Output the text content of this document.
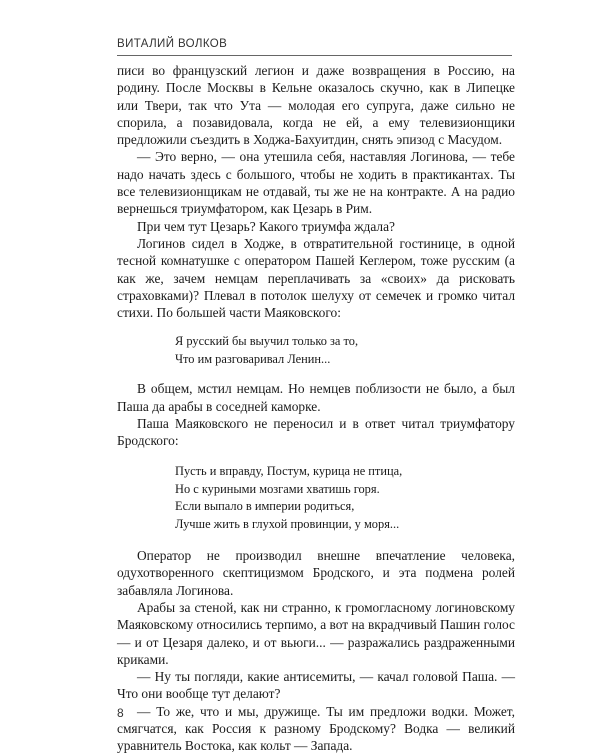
ВИТАЛИЙ ВОЛКОВ

писи во французский легион и даже возвращения в Россию, на родину. После Москвы в Кельне оказалось скучно, как в Липецке или Твери, так что Ута — молодая его супруга, даже сильно не спорила, а позавидовала, когда не ей, а ему телевизионщики предложили съездить в Ходжа-Бахуитдин, снять эпизод с Масудом.

— Это верно, — она утешила себя, наставляя Логинова, — тебе надо начать здесь с большого, чтобы не ходить в практикантах. Ты все телевизионщикам не отдавай, ты же не на контракте. А на радио вернешься триумфатором, как Цезарь в Рим.

При чем тут Цезарь? Какого триумфа ждала?

Логинов сидел в Ходже, в отвратительной гостинице, в одной тесной комнатушке с оператором Пашей Кеглером, тоже русским (а как же, зачем немцам переплачивать за «своих» да рисковать страховками)? Плевал в потолок шелуху от семечек и громко читал стихи. По большей части Маяковского:

Я русский бы выучил только за то,
Что им разговаривал Ленин...

В общем, мстил немцам. Но немцев поблизости не было, а был Паша да арабы в соседней каморке.

Паша Маяковского не переносил и в ответ читал триумфатору Бродского:

Пусть и вправду, Постум, курица не птица,
Но с куриными мозгами хватишь горя.
Если выпало в империи родиться,
Лучше жить в глухой провинции, у моря...

Оператор не производил внешне впечатление человека, одухотворенного скептицизмом Бродского, и эта подмена ролей забавляла Логинова.

Арабы за стеной, как ни странно, к громогласному логиновскому Маяковскому относились терпимо, а вот на вкрадчивый Пашин голос — и от Цезаря далеко, и от вьюги... — разражались раздраженными криками.

— Ну ты погляди, какие антисемиты, — качал головой Паша. — Что они вообще тут делают?

— То же, что и мы, дружище. Ты им предложи водки. Может, смягчатся, как Россия к разному Бродскому? Водка — великий уравнитель Востока, как кольт — Запада.

8
